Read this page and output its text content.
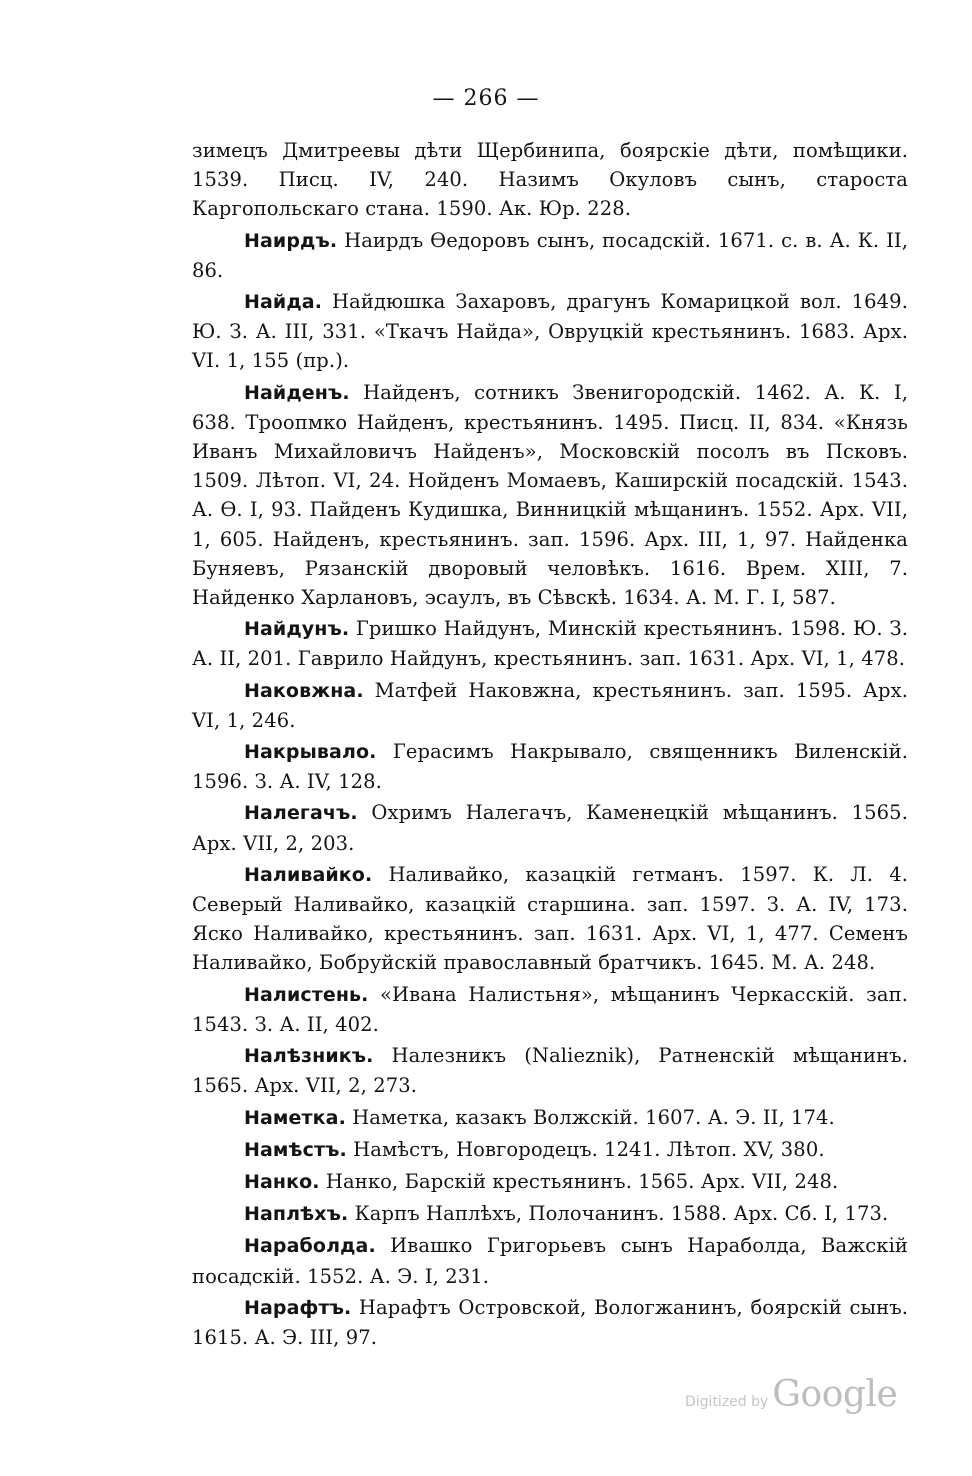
— 266 —

зимецъ Дмитреевы дѣти Щербинипа, боярскіе дѣти, помѣщики. 1539. Писц. IV, 240. Назимъ Окуловъ сынъ, староста Каргопольскаго стана. 1590. Ак. Юр. 228.

Наирдъ. Наирдъ Ѳедоровъ сынъ, посадскій. 1671. с. в. А. К. II, 86.

Найда. Найдюшка Захаровъ, драгунъ Комарицкой вол. 1649. Ю. З. А. III, 331. «Ткачъ Найда», Овруцкій крестьянинъ. 1683. Арх. VI. 1, 155 (пр.).

Найденъ. Найденъ, сотникъ Звенигородскій. 1462. А. К. I, 638. Троопмко Найденъ, крестьянинъ. 1495. Писц. II, 834. «Князь Иванъ Михайловичъ Найденъ», Московскій посолъ въ Псковъ. 1509. Лѣтоп. VI, 24. Нойденъ Момаевъ, Каширскій посадскій. 1543. А. Ѳ. I, 93. Пайденъ Кудишка, Винницкій мѣщанинъ. 1552. Арх. VII, 1, 605. Найденъ, крестьянинъ. зап. 1596. Арх. III, 1, 97. Найденка Буняевъ, Рязанскій дворовый человѣкъ. 1616. Врем. XIII, 7. Найденко Харлановъ, эсаулъ, въ Сѣвскѣ. 1634. А. М. Г. I, 587.

Найдунъ. Гришко Найдунъ, Минскій крестьянинъ. 1598. Ю. З. А. II, 201. Гаврило Найдунъ, крестьянинъ. зап. 1631. Арх. VI, 1, 478.

Наковжна. Матфей Наковжна, крестьянинъ. зап. 1595. Арх. VI, 1, 246.

Накрывало. Герасимъ Накрывало, священникъ Виленскій. 1596. З. А. IV, 128.

Налегачъ. Охримъ Налегачъ, Каменецкій мѣщанинъ. 1565. Арх. VII, 2, 203.

Наливайко. Наливайко, казацкій гетманъ. 1597. К. Л. 4. Северый Наливайко, казацкій старшина. зап. 1597. З. А. IV, 173. Яско Наливайко, крестьянинъ. зап. 1631. Арх. VI, 1, 477. Семенъ Наливайко, Бобруйскій православный братчикъ. 1645. М. А. 248.

Налистень. «Ивана Налистьня», мѣщанинъ Черкасскій. зап. 1543. З. А. II, 402.

Налѣзникъ. Налезникъ (Nalieznik), Ратненскій мѣщанинъ. 1565. Арх. VII, 2, 273.

Наметка. Наметка, казакъ Волжскій. 1607. А. Э. II, 174.

Намѣстъ. Намѣстъ, Новгородецъ. 1241. Лѣтоп. XV, 380.

Нанко. Нанко, Барскій крестьянинъ. 1565. Арх. VII, 248.

Наплѣхъ. Карпъ Наплѣхъ, Полочанинъ. 1588. Арх. Сб. I, 173.

Нараболда. Ивашко Григорьевъ сынъ Нараболда, Важскій посадскій. 1552. А. Э. I, 231.

Нарафтъ. Нарафтъ Островской, Вологжанинъ, боярскій сынъ. 1615. А. Э. III, 97.

Digitized by Google
